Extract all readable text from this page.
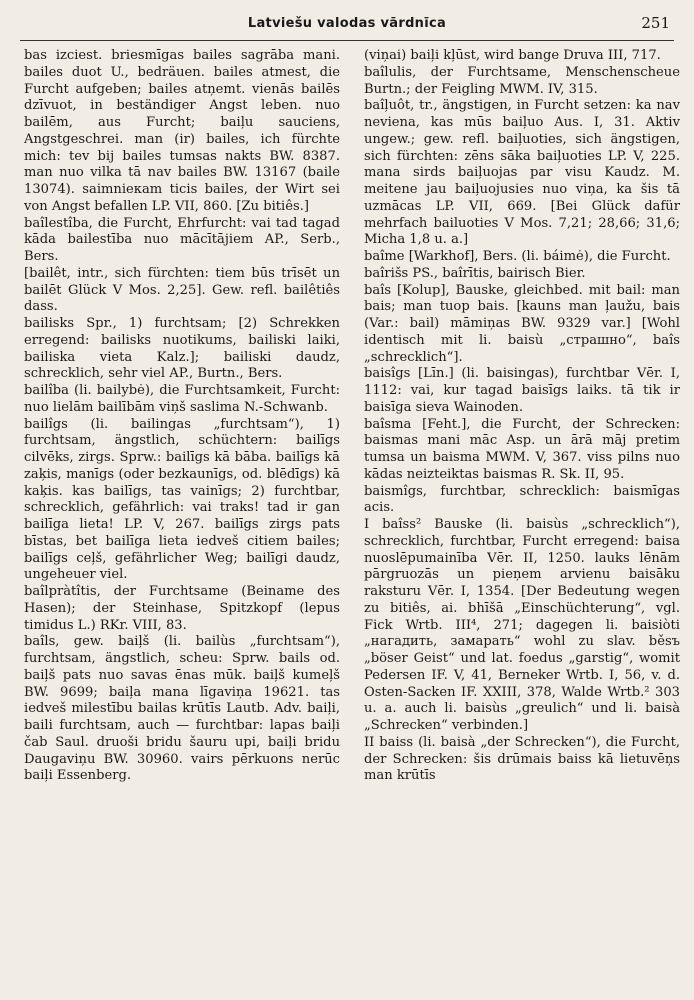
Latviešu valodas vārdnīca	251

bas izciest. briesmīgas bailes sagrāba mani. bailes duot U., bedräuen. bailes atmest, die Furcht aufgeben; bailes atņemt. vienās bailēs dzīvuot, in beständiger Angst leben. nuo bailēm, aus Furcht; baiļu sauciens, Angstgeschrei. man (ir) bailes, ich fürchte mich: tev bij bailes tumsas nakts BW. 8387. man nuo vilka tā nav bailes BW. 13167 (baile 13074). saimnieкam ticis bailes, der Wirt sei von Angst befallen LP. VII, 860. [Zu bitiês.]

baîlestîba, die Furcht, Ehrfurcht: vai tad tagad kāda bailestība nuo mācītājiem AP., Serb., Bers.

[bailêt, intr., sich fürchten: tiem būs trīsēt un bailēt Glück V Mos. 2,25]. Gew. refl. bailêtiês dass.

bailisks Spr., 1) furchtsam; [2) Schrekken erregend: bailisks nuotikums, bailiski laiki, bailiska vieta Kalz.]; bailiski daudz, schrecklich, sehr viel AP., Burtn., Bers.

bailîba (li. bailybė), die Furchtsamkeit, Furcht: nuo lielām bailībām viņš saslima N.-Schwanb.

bailîgs (li. bailingas „furchtsam“), 1) furchtsam, ängstlich, schüchtern: bailīgs cilvēks, zirgs. Sprw.: bailīgs kā bāba. bailīgs kā zaķis, manīgs (oder bezkaunīgs, od. blēdīgs) kā kaķis. kas bailīgs, tas vainīgs; 2) furchtbar, schrecklich, gefährlich: vai traks! tad ir gan bailīga lieta! LP. V, 267. bailīgs zirgs pats bīstas, bet bailīga lieta iedveš citiem bailes; bailīgs ceļš, gefährlicher Weg; bailīgi daudz, ungeheuer viel.

baîlpràtîtis, der Furchtsame (Beiname des Hasen); der Steinhase, Spitzkopf (lepus timidus L.) RKr. VIII, 83.

baîls, gew. baiļš (li. bailùs „furchtsam“), furchtsam, ängstlich, scheu: Sprw. bails od. baiļš pats nuo savas ēnas mūk. baiļš kumeļš BW. 9699; baiļa mana līgaviņa 19621. tas iedveš milestību bailas krūtīs Lautb. Adv. baiļi, baili furchtsam, auch — furchtbar: lapas baiļi čab Saul. druoši bridu šauru upi, baiļi bridu Daugaviņu BW. 30960. vairs pērkuons nerūc baiļi Essenberg.

(viņai) baiļi kļūst, wird bange Druva III, 717.

baîlulis, der Furchtsame, Menschenscheue Burtn.; der Feigling MWM. IV, 315.

baîļuôt, tr., ängstigen, in Furcht setzen: ka nav neviena, kas mūs baiļuo Aus. I, 31. Aktiv ungew.; gew. refl. baiļuoties, sich ängstigen, sich fürchten: zēns sāka baiļuoties LP. V, 225. mana sirds baiļuojas par visu Kaudz. M. meitene jau baiļuojusies nuo viņa, ka šis tā uzmācas LP. VII, 669. [Bei Glück dafür mehrfach bailuoties V Mos. 7,21; 28,66; 31,6; Micha 1,8 u. a.]

baîme [Warkhof], Bers. (li. báimė), die Furcht.

baîrišs PS., baîrītis, bairisch Bier.

baîs [Kolup], Bauske, gleichbed. mit bail: man bais; man tuop bais. [kauns man ļaužu, bais (Var.: bail) māmiņas BW. 9329 var.] [Wohl identisch mit li. baisù „страшно“, baîs „schrecklich“].

baisîgs [Līn.] (li. baisingas), furchtbar Vēr. I, 1112: vai, kur tagad baisīgs laiks. tā tik ir baisīga sieva Wainoden.

baîsma [Feht.], die Furcht, der Schrecken: baismas mani māc Asp. un ārā māj pretim tumsa un baisma MWM. V, 367. viss pilns nuo kādas neizteiktas baismas R. Sk. II, 95.

baismîgs, furchtbar, schrecklich: baismīgas acis.

I baîss² Bauske (li. baisùs „schrecklich“), schrecklich, furchtbar, Furcht erregend: baisa nuoslēpumainība Vēr. II, 1250. lauks lēnām pārgruozās un pieņem arvienu baisāku raksturu Vēr. I, 1354. [Der Bedeutung wegen zu bitiês, ai. bhīšā „Einschüchterung“, vgl. Fick Wrtb. III⁴, 271; dagegen li. baisiòti „нагадить, замарать“ wohl zu slav. běsъ „böser Geist“ und lat. foedus „garstig“, womit Pedersen IF. V, 41, Berneker Wrtb. I, 56, v. d. Osten-Sacken IF. XXIII, 378, Walde Wrtb.² 303 u. a. auch li. baisùs „greulich“ und li. baisà „Schrecken“ verbinden.]

II baiss (li. baisà „der Schrecken“), die Furcht, der Schrecken: šis drūmais baiss kā lietuvēņs man krūtīs
